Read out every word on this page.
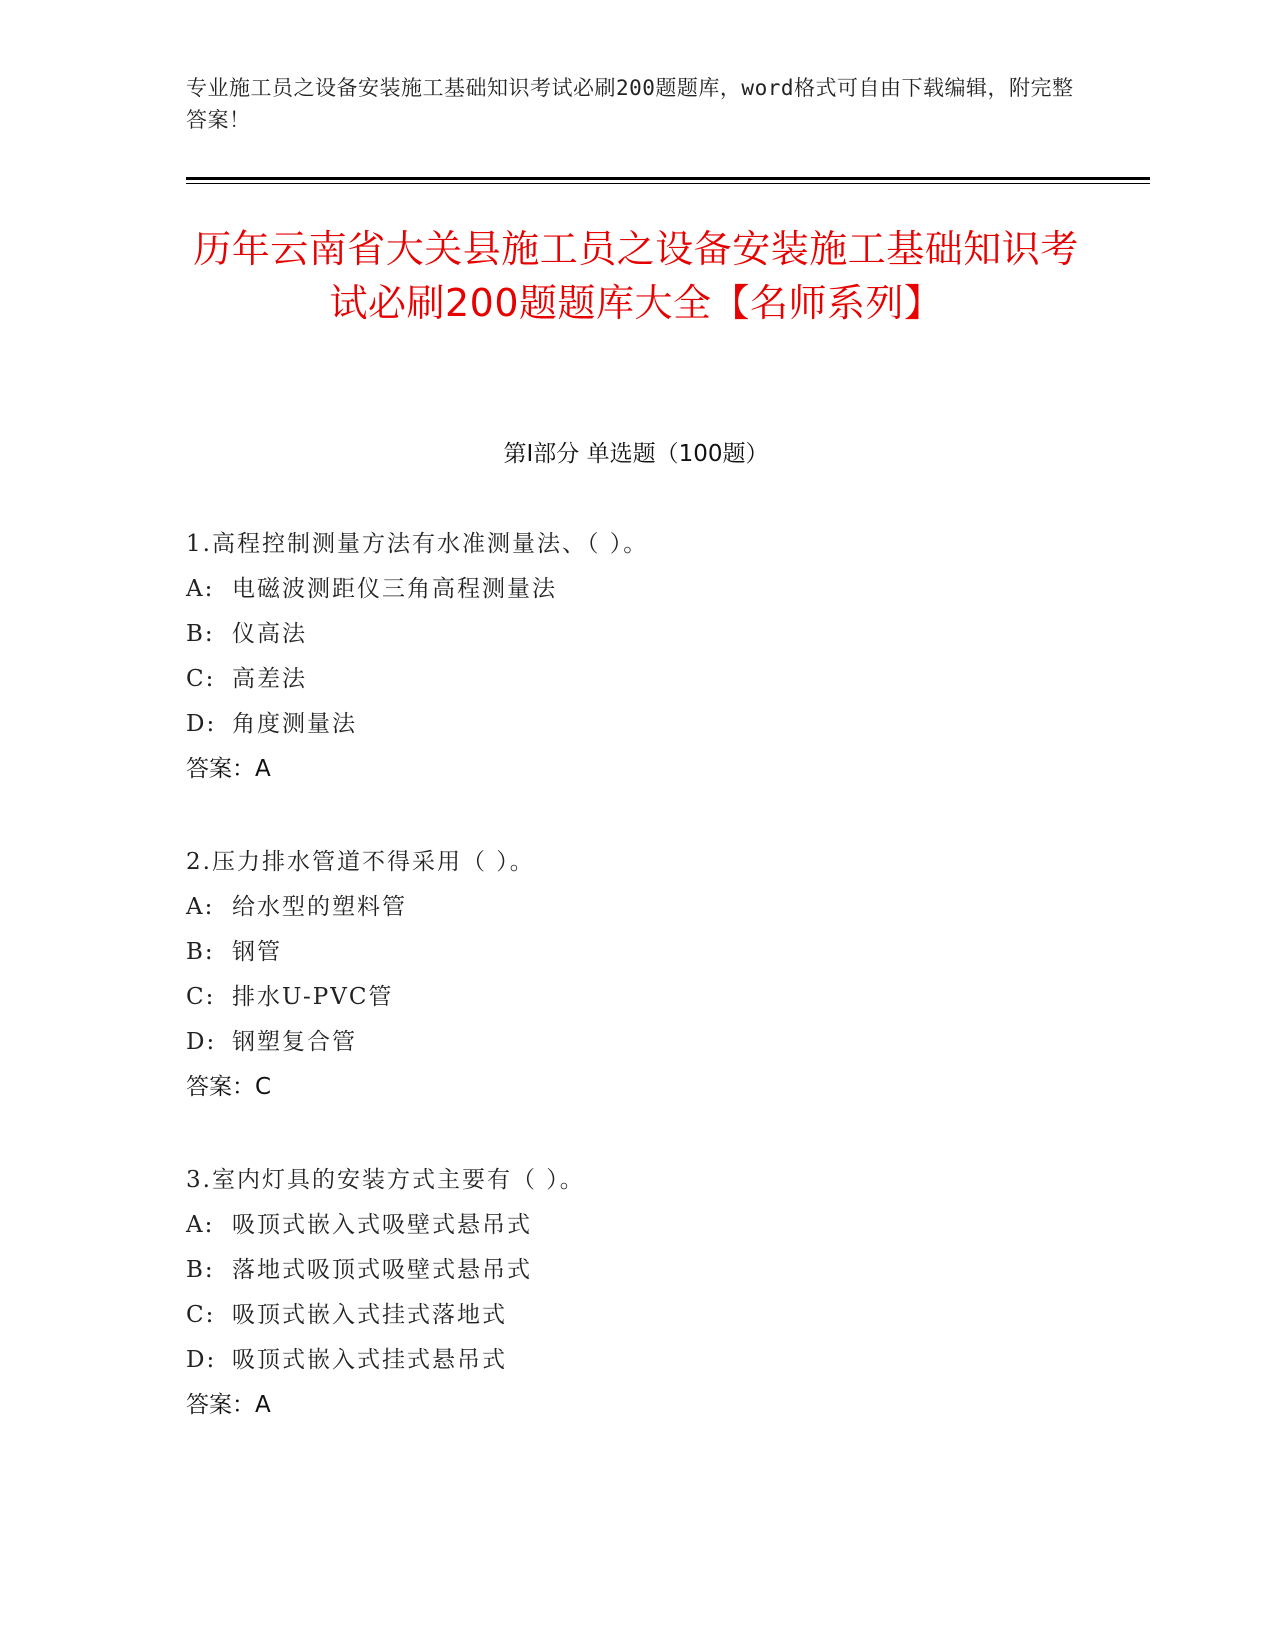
专业施工员之设备安装施工基础知识考试必刷200题题库，word格式可自由下载编辑，附完整答案！
历年云南省大关县施工员之设备安装施工基础知识考试必刷200题题库大全【名师系列】
第I部分 单选题（100题）
1.高程控制测量方法有水准测量法、（ ）。
A: 电磁波测距仪三角高程测量法
B: 仪高法
C: 高差法
D: 角度测量法
答案：A
2.压力排水管道不得采用（ ）。
A: 给水型的塑料管
B: 钢管
C: 排水U-PVC管
D: 钢塑复合管
答案：C
3.室内灯具的安装方式主要有（ ）。
A: 吸顶式嵌入式吸壁式悬吊式
B: 落地式吸顶式吸壁式悬吊式
C: 吸顶式嵌入式挂式落地式
D: 吸顶式嵌入式挂式悬吊式
答案：A
